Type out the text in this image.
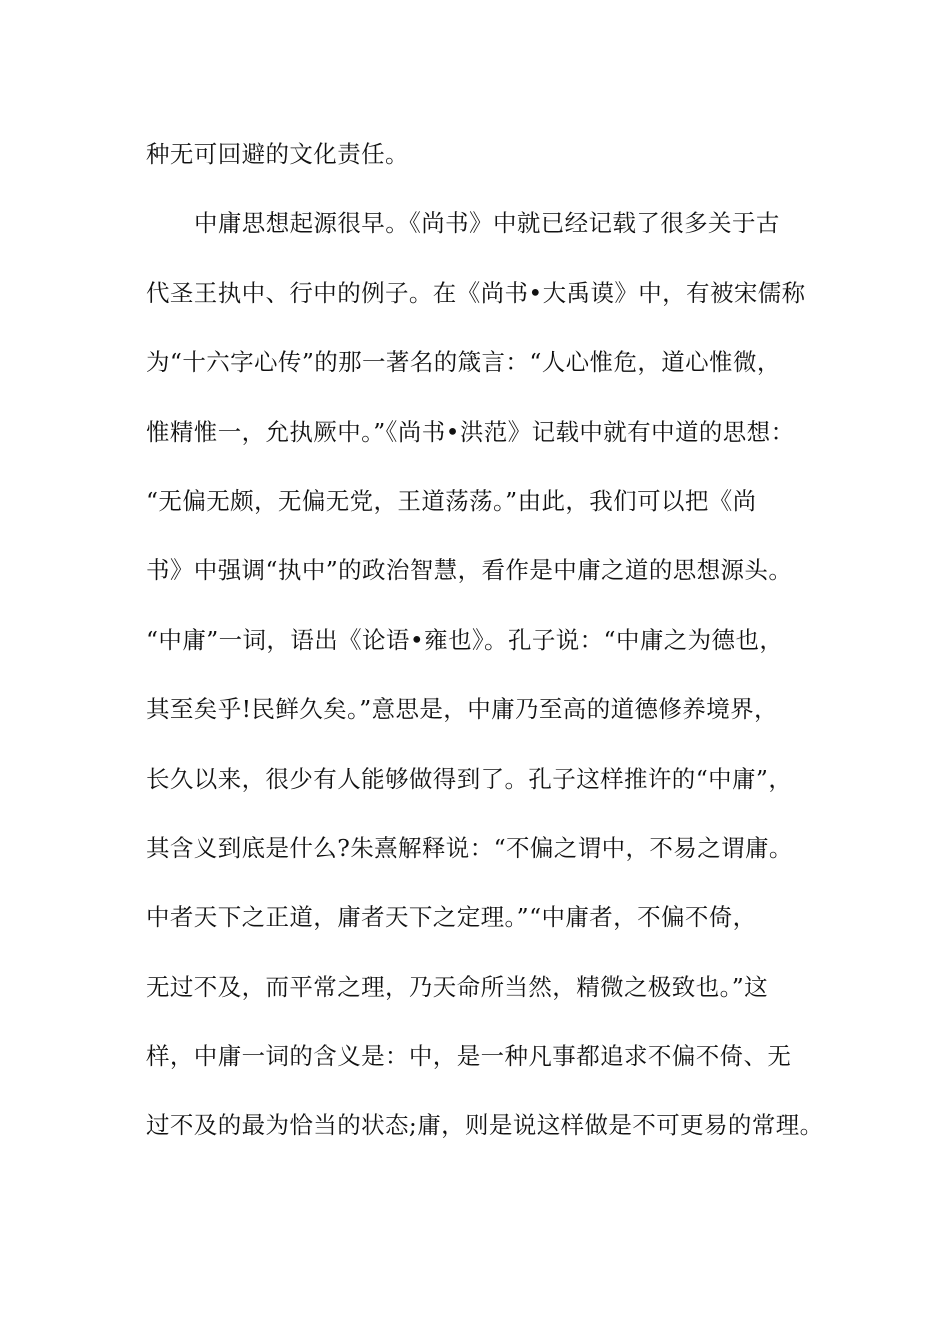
种无可回避的文化责任。
中庸思想起源很早。《尚书》中就已经记载了很多关于古
代圣王执中、行中的例子。在《尚书•大禹谟》中，有被宋儒称
为“十六字心传”的那一著名的箴言：“人心惟危，道心惟微，
惟精惟一，允执厥中。”《尚书•洪范》记载中就有中道的思想：
“无偏无颇，无偏无党，王道荡荡。”由此，我们可以把《尚
书》中强调“执中”的政治智慧，看作是中庸之道的思想源头。
“中庸”一词，语出《论语•雍也》。孔子说：“中庸之为德也，
其至矣乎!民鲜久矣。”意思是，中庸乃至高的道德修养境界，
长久以来，很少有人能够做得到了。孔子这样推许的“中庸”，
其含义到底是什么?朱熹解释说：“不偏之谓中，不易之谓庸。
中者天下之正道，庸者天下之定理。”“中庸者，不偏不倚，
无过不及，而平常之理，乃天命所当然，精微之极致也。”这
样，中庸一词的含义是：中，是一种凡事都追求不偏不倚、无
过不及的最为恰当的状态;庸，则是说这样做是不可更易的常理。
